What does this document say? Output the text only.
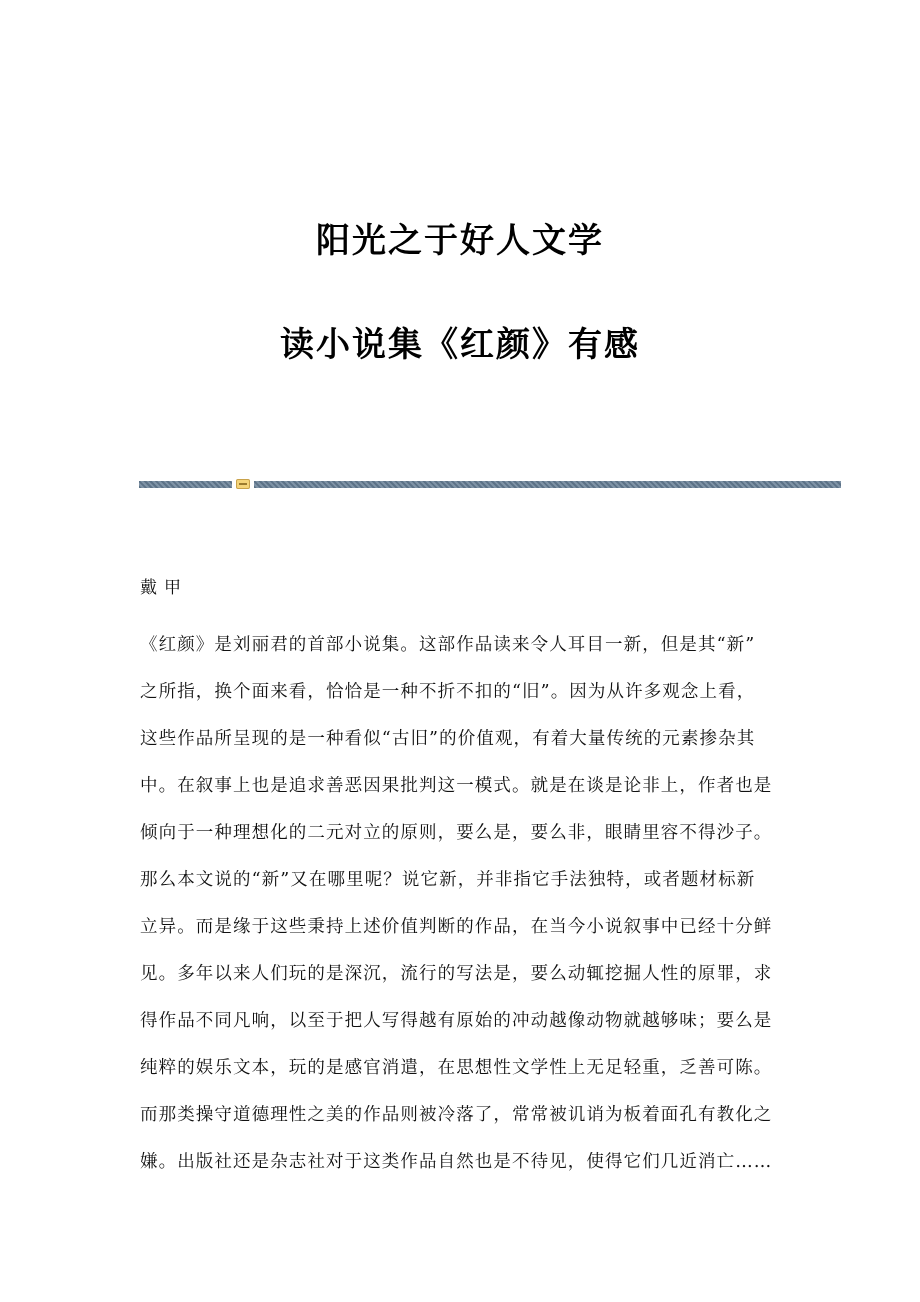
阳光之于好人文学
读小说集《红颜》有感
戴甲
《红颜》是刘丽君的首部小说集。这部作品读来令人耳目一新，但是其“新”
之所指，换个面来看，恰恰是一种不折不扣的“旧”。因为从许多观念上看，
这些作品所呈现的是一种看似“古旧”的价值观，有着大量传统的元素掺杂其
中。在叙事上也是追求善恶因果批判这一模式。就是在谈是论非上，作者也是
倾向于一种理想化的二元对立的原则，要么是，要么非，眼睛里容不得沙子。
那么本文说的“新”又在哪里呢？说它新，并非指它手法独特，或者题材标新
立异。而是缘于这些秉持上述价值判断的作品，在当今小说叙事中已经十分鲜
见。多年以来人们玩的是深沉，流行的写法是，要么动辄挖掘人性的原罪，求
得作品不同凡响，以至于把人写得越有原始的冲动越像动物就越够味；要么是
纯粹的娱乐文本，玩的是感官消遣，在思想性文学性上无足轻重，乏善可陈。
而那类操守道德理性之美的作品则被冷落了，常常被讥诮为板着面孔有教化之
嫌。出版社还是杂志社对于这类作品自然也是不待见，使得它们几近消亡……
